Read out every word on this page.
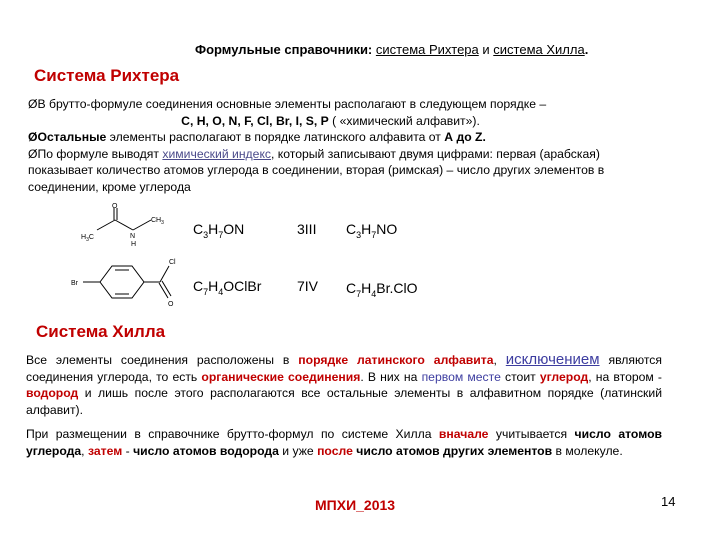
Формульные справочники: система Рихтера и система Хилла.
Система Рихтера

ØВ брутто-формуле соединения основные элементы располагают в следующем порядке –

C, H, O, N, F, Cl, Br, I, S, P ( «химический алфавит»).

ØОстальные элементы располагают в порядке латинского алфавита от А до Z.

ØПо формуле выводят химический индекс, который записывают двумя цифрами: первая (арабская) показывает количество атомов углерода в соединении, вторая (римская) – число других элементов в соединении, кроме углерода

O
$H_3C$	N
H
$CH_3$
Br
Cl
O
$C_3H_7ON$	3III $C_3H_7NO$
$C_7H_4OClBr$	7IV $C_7H_4Br.ClO$
Система Хилла

Все элементы соединения расположены в порядке латинского алфавита, исключением являются соединения углерода, то есть органические соединения. В них на первом месте стоит углерод, на втором - водород и лишь после этого располагаются все остальные элементы в алфавитном порядке (латинский алфавит).

При размещении в справочнике брутто-формул по системе Хилла вначале учитывается число атомов углерода, затем - число атомов водорода и уже после число атомов других элементов в молекуле.

МПХИ_2013	14
